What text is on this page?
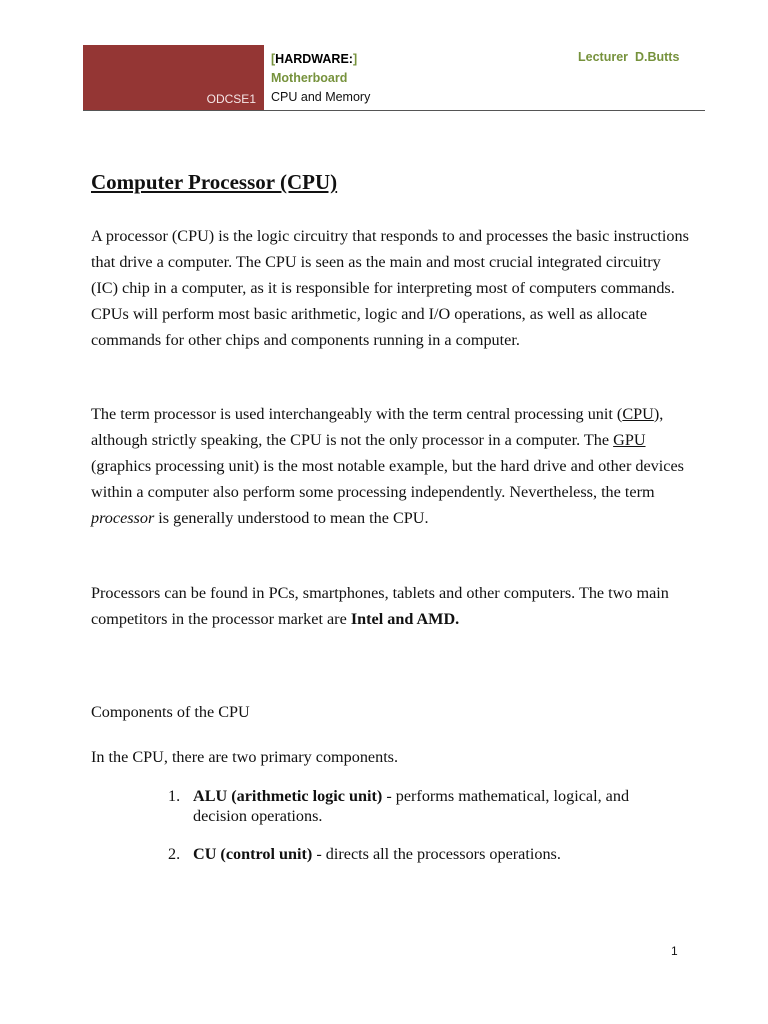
ODCSE1
[HARDWARE:]
Motherboard
CPU and Memory
Lecturer  D.Butts
Computer Processor (CPU)

A processor (CPU) is the logic circuitry that responds to and processes the basic instructions that drive a computer. The CPU is seen as the main and most crucial integrated circuitry (IC) chip in a computer, as it is responsible for interpreting most of computers commands. CPUs will perform most basic arithmetic, logic and I/O operations, as well as allocate commands for other chips and components running in a computer.

The term processor is used interchangeably with the term central processing unit (CPU), although strictly speaking, the CPU is not the only processor in a computer. The GPU (graphics processing unit) is the most notable example, but the hard drive and other devices within a computer also perform some processing independently. Nevertheless, the term processor is generally understood to mean the CPU.

Processors can be found in PCs, smartphones, tablets and other computers. The two main competitors in the processor market are Intel and AMD.

Components of the CPU

In the CPU, there are two primary components.

1. ALU (arithmetic logic unit) - performs mathematical, logical, and decision operations.
2. CU (control unit) - directs all the processors operations.
1
